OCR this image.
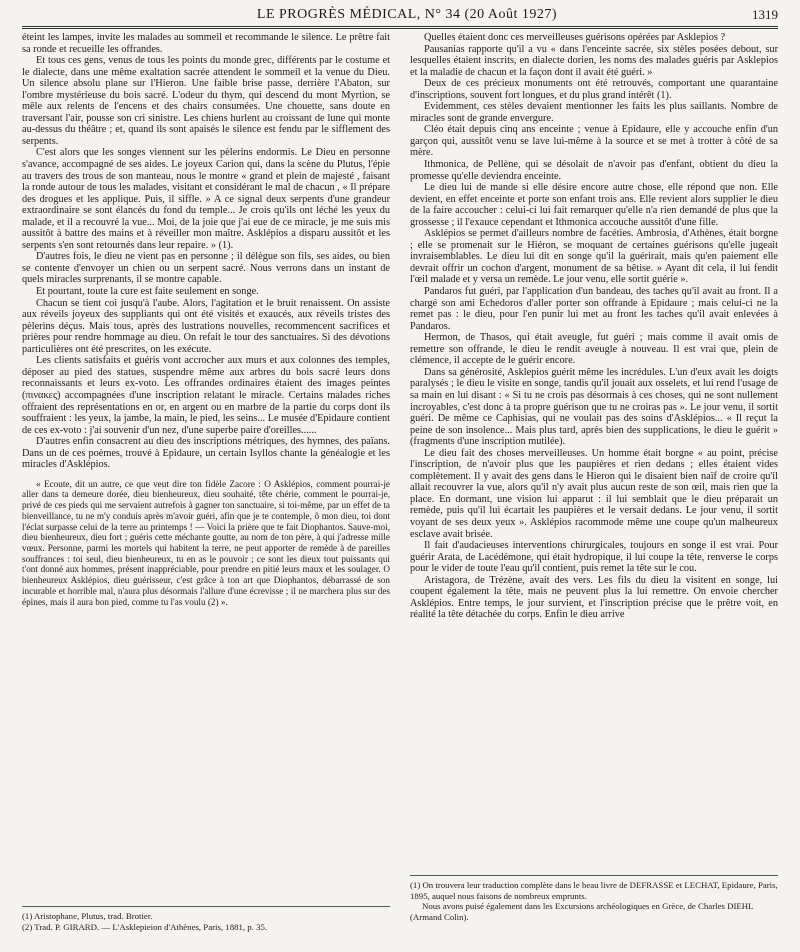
LE PROGRÈS MÉDICAL, N° 34 (20 Août 1927)	1319

éteint les lampes, invite les malades au sommeil et recommande le silence. Le prêtre fait sa ronde et recueille les offrandes.

Et tous ces gens, venus de tous les points du monde grec, différents par le costume et le dialecte, dans une même exaltation sacrée attendent le sommeil et la venue du Dieu. Un silence absolu plane sur l'Hieron. Une faible brise passe, derrière l'Abaton, sur l'ombre mystérieuse du bois sacré. L'odeur du thym, qui descend du mont Myrtion, se mêle aux relents de l'encens et des chairs consumées. Une chouette, sans doute en traversant l'air, pousse son cri sinistre. Les chiens hurlent au croissant de lune qui monte au-dessus du théâtre ; et, quand ils sont apaisés le silence est fendu par le sifflement des serpents.

C'est alors que les songes viennent sur les pèlerins endormis. Le Dieu en personne s'avance, accompagné de ses aides. Le joyeux Carion qui, dans la scène du Plutus, l'épie au travers des trous de son manteau, nous le montre « grand et plein de majesté , faisant la ronde autour de tous les malades, visitant et considérant le mal de chacun , « Il prépare des drogues et les applique. Puis, il siffle. » A ce signal deux serpents d'une grandeur extraordinaire se sont élancés du fond du temple... Je crois qu'ils ont léché les yeux du malade, et il a recouvré la vue... Moi, de la joie que j'ai eue de ce miracle, je me suis mis aussitôt à battre des mains et à réveiller mon maître. Asklépios a disparu aussitôt et les serpents s'en sont retournés dans leur repaire. » (1).

D'autres fois, le dieu ne vient pas en personne ; il délègue son fils, ses aides, ou bien se contente d'envoyer un chien ou un serpent sacré. Nous verrons dans un instant de quels miracles surprenants, il se montre capable.

Et pourtant, toute la cure est faite seulement en songe.

Chacun se tient coi jusqu'à l'aube. Alors, l'agitation et le bruit renaissent. On assiste aux réveils joyeux des suppliants qui ont été visités et exaucés, aux réveils tristes des pèlerins déçus. Mais tous, après des lustrations nouvelles, recommencent sacrifices et prières pour rendre hommage au dieu. On refait le tour des sanctuaires. Si des dévotions particulières ont été prescrites, on les exécute.

Les clients satisfaits et guéris vont accrocher aux murs et aux colonnes des temples, déposer au pied des statues, suspendre même aux arbres du bois sacré leurs dons reconnaissants et leurs ex-voto. Les offrandes ordinaires étaient des images peintes (πινακες) accompagnées d'une inscription relatant le miracle. Certains malades riches offraient des représentations en or, en argent ou en marbre de la partie du corps dont ils souffraient : les yeux, la jambe, la main, le pied, les seins... Le musée d'Epidaure contient de ces ex-voto : j'ai souvenir d'un nez, d'une superbe paire d'oreilles......

D'autres enfin consacrent au dieu des inscriptions métriques, des hymnes, des païans. Dans un de ces poèmes, trouvé à Epidaure, un certain Isyllos chante la généalogie et les miracles d'Asklépios.

« Ecoute, dit un autre, ce que veut dire ton fidèle Zacore : O Asklépios, comment pourrai-je aller dans ta demeure dorée, dieu bienheureux, dieu souhaité, tête chérie, comment le pourrai-je, privé de ces pieds qui me servaient autrefois à gagner ton sanctuaire, si toi-même, par un effet de ta bienveillance, tu ne m'y conduis après m'avoir guéri, afin que je te contemple, ô mon dieu, toi dont l'éclat surpasse celui de la terre au printemps ! — Voici la prière que te fait Diophantos. Sauve-moi, dieu bienheureux, dieu fort ; guéris cette méchante goutte, au nom de ton père, à qui j'adresse mille vœux. Personne, parmi les mortels qui habitent la terre, ne peut apporter de remède à de pareilles souffrances : toi seul, dieu bienheureux, tu en as le pouvoir ; ce sont les dieux tout puissants qui t'ont donné aux hommes, présent inappréciable, pour prendre en pitié leurs maux et les soulager. O bienheureux Asklépios, dieu guérisseur, c'est grâce à ton art que Diophantos, débarrassé de son incurable et horrible mal, n'aura plus désormais l'allure d'une écrevisse ; il ne marchera plus sur des épines, mais il aura bon pied, comme tu l'as voulu (2) ».

(1) Aristophane, Plutus, trad. Brotier.

(2) Trad. P. GIRARD. — L'Asklepieion d'Athènes, Paris, 1881, p. 35.

Quelles étaient donc ces merveilleuses guérisons opérées par Asklepios ?

Pausanias rapporte qu'il a vu « dans l'enceinte sacrée, six stèles posées debout, sur lesquelles étaient inscrits, en dialecte dorien, les noms des malades guéris par Asklepios et la maladie de chacun et la façon dont il avait été guéri. »

Deux de ces précieux monuments ont été retrouvés, comportant une quarantaine d'inscriptions, souvent fort longues, et du plus grand intérêt (1).

Evidemment, ces stèles devaient mentionner les faits les plus saillants. Nombre de miracles sont de grande envergure.

Cléo était depuis cinq ans enceinte ; venue à Epidaure, elle y accouche enfin d'un garçon qui, aussitôt venu se lave lui-même à la source et se met à trotter à côté de sa mère.

Ithmonica, de Pellène, qui se désolait de n'avoir pas d'enfant, obtient du dieu la promesse qu'elle deviendra enceinte.

Le dieu lui de mande si elle désire encore autre chose, elle répond que non. Elle devient, en effet enceinte et porte son enfant trois ans. Elle revient alors supplier le dieu de la faire accoucher : celui-ci lui fait remarquer qu'elle n'a rien demandé de plus que la grossesse ; il l'exauce cependant et Ithmonica accouche aussitôt d'une fille.

Asklépios se permet d'ailleurs nombre de facéties. Ambrosia, d'Athènes, était borgne ; elle se promenait sur le Hiéron, se moquant de certaines guérisons qu'elle jugeait invraisemblables. Le dieu lui dit en songe qu'il la guérirait, mais qu'en paiement elle devrait offrir un cochon d'argent, monument de sa bêtise. » Ayant dit cela, il lui fendit l'œil malade et y versa un remède. Le jour venu, elle sortit guérie ».

Pandaros fut guéri, par l'application d'un bandeau, des taches qu'il avait au front. Il a chargé son ami Echedoros d'aller porter son offrande à Epidaure ; mais celui-ci ne la remet pas : le dieu, pour l'en punir lui met au front les taches qu'il avait enlevées à Pandaros.

Hermon, de Thasos, qui était aveugle, fut guéri ; mais comme il avait omis de remettre son offrande, le dieu le rendit aveugle à nouveau. Il est vrai que, plein de clémence, il accepte de le guérir encore.

Dans sa générosité, Asklepios guérit même les incrédules. L'un d'eux avait les doigts paralysés ; le dieu le visite en songe, tandis qu'il jouait aux osselets, et lui rend l'usage de sa main en lui disant : « Si tu ne crois pas désormais à ces choses, qui ne sont nullement incroyables, c'est donc à ta propre guérison que tu ne croiras pas ». Le jour venu, il sortit guéri. De même ce Caphisias, qui ne voulait pas des soins d'Asklépios... « Il reçut la peine de son insolence... Mais plus tard, après bien des supplications, le dieu le guérit » (fragments d'une inscription mutilée).

Le dieu fait des choses merveilleuses. Un homme était borgne « au point, précise l'inscription, de n'avoir plus que les paupières et rien dedans ; elles étaient vides complètement. Il y avait des gens dans le Hieron qui le disaient bien naïf de croire qu'il allait recouvrer la vue, alors qu'il n'y avait plus aucun reste de son œil, mais rien que la place. En dormant, une vision lui apparut : il lui semblait que le dieu préparait un remède, puis qu'il lui écartait les paupières et le versait dedans. Le jour venu, il sortit voyant de ses deux yeux ». Asklépios racommode même une coupe qu'un malheureux esclave avait brisée.

Il fait d'audacieuses interventions chirurgicales, toujours en songe il est vrai. Pour guérir Arata, de Lacédémone, qui était hydropique, il lui coupe la tête, renverse le corps pour le vider de toute l'eau qu'il contient, puis remet la tête sur le cou.

Aristagora, de Trézène, avait des vers. Les fils du dieu la visitent en songe, lui coupent également la tête, mais ne peuvent plus la lui remettre. On envoie chercher Asklépios. Entre temps, le jour survient, et l'inscription précise que le prêtre voit, en réalité la tête détachée du corps. Enfin le dieu arrive

(1) On trouvera leur traduction complète dans le beau livre de DEFRASSE et LECHAT, Epidaure, Paris, 1895, auquel nous faisons de nombreux emprunts.

Nous avons puisé également dans les Excursions archéologiques en Grèce, de Charles DIEHL (Armand Colin).
